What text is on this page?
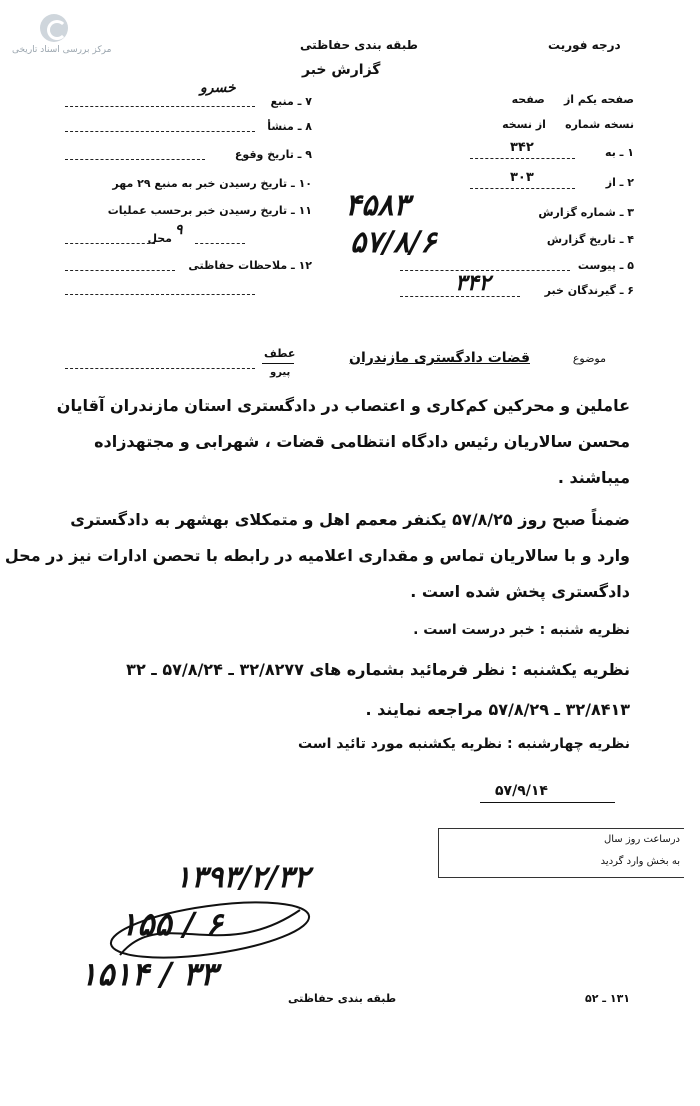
مرکز بررسی اسناد تاریخی	طبقه بندی حفاظتی
گزارش خبر
درجه فوریت
صفحه یکم از     صفحه
نسخه شماره     از نسخه
۱ ـ به
۳۴۲
۲ ـ از
۳۰۳
۳ ـ شماره گزارش
۴۵۸۳
۴ ـ تاریخ گزارش
۵۷/۸/۶
۵ ـ پیوست
۶ ـ گیرندگان خبر
۳۴۲
۷ ـ منبع
خسرو
۸ ـ منشأ
۹ ـ تاریخ وقوع
۱۰ ـ تاریخ رسیدن خبر به منبع ۲۹ مهر
۱۱ ـ تاریخ رسیدن خبر برحسب عملیات
محل
۹
۱۲ ـ ملاحظات حفاظتی
عطف
پیرو
موضوع
قضات دادگستری مازندران
عاملین و محرکین کم‌کاری و اعتصاب در دادگستری استان مازندران آقایان
محسن سالاریان رئیس دادگاه انتظامی قضات ، شهرابی و مجتهدزاده
میباشند .
ضمناً صبح روز ۵۷/۸/۲۵ یکنفر معمم اهل و متمکلای بهشهر به دادگستری
وارد و با سالاریان تماس و مقداری اعلامیه در رابطه با تحصن ادارات نیز در محل
دادگستری پخش شده است .
نظریه شنبه : خبر درست است .
نظریه یکشنبه : نظر فرمائید بشماره های ۳۲/۸۲۷۷ ـ ۵۷/۸/۲۴ ـ ۳۲
۳۲/۸۴۱۳ ـ ۵۷/۸/۲۹ مراجعه نمایند .
نظریه چهارشنبه : نظریه یکشنبه مورد تائید است
۵۷/۹/۱۴
درساعت روز سال
به بخش وارد گردید
۱۳۹۳/۲/۳۲
۱۵۵ / ۶
۱۵۱۴ / ۳۳
طبقه بندی حفاظتی	۱۳۱ ـ ۵۲
